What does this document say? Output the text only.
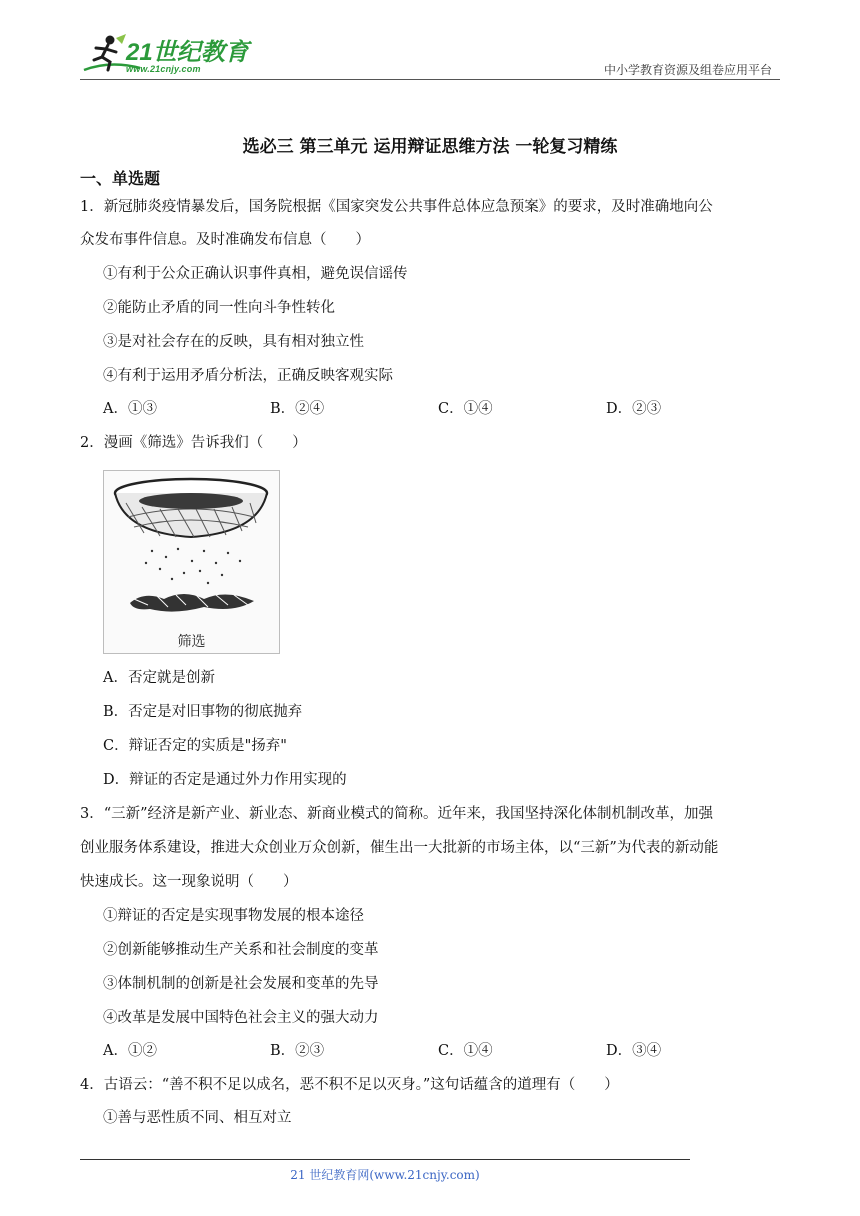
21世纪教育
www.21cnjy.com	中小学教育资源及组卷应用平台
选必三 第三单元 运用辩证思维方法 一轮复习精练
一、单选题
1．新冠肺炎疫情暴发后，国务院根据《国家突发公共事件总体应急预案》的要求，及时准确地向公
众发布事件信息。及时准确发布信息（　　）
①有利于公众正确认识事件真相，避免误信谣传
②能防止矛盾的同一性向斗争性转化
③是对社会存在的反映，具有相对独立性
④有利于运用矛盾分析法，正确反映客观实际
A．①③	B．②④	C．①④	D．②③
2．漫画《筛选》告诉我们（　　）
筛选
A．否定就是创新
B．否定是对旧事物的彻底抛弃
C．辩证否定的实质是"扬弃"
D．辩证的否定是通过外力作用实现的
3．“三新”经济是新产业、新业态、新商业模式的简称。近年来，我国坚持深化体制机制改革，加强
创业服务体系建设，推进大众创业万众创新，催生出一大批新的市场主体，以“三新”为代表的新动能
快速成长。这一现象说明（　　）
①辩证的否定是实现事物发展的根本途径
②创新能够推动生产关系和社会制度的变革
③体制机制的创新是社会发展和变革的先导
④改革是发展中国特色社会主义的强大动力
A．①②	B．②③	C．①④	D．③④
4．古语云：“善不积不足以成名，恶不积不足以灭身。”这句话蕴含的道理有（　　）
①善与恶性质不同、相互对立
21 世纪教育网(www.21cnjy.com)
